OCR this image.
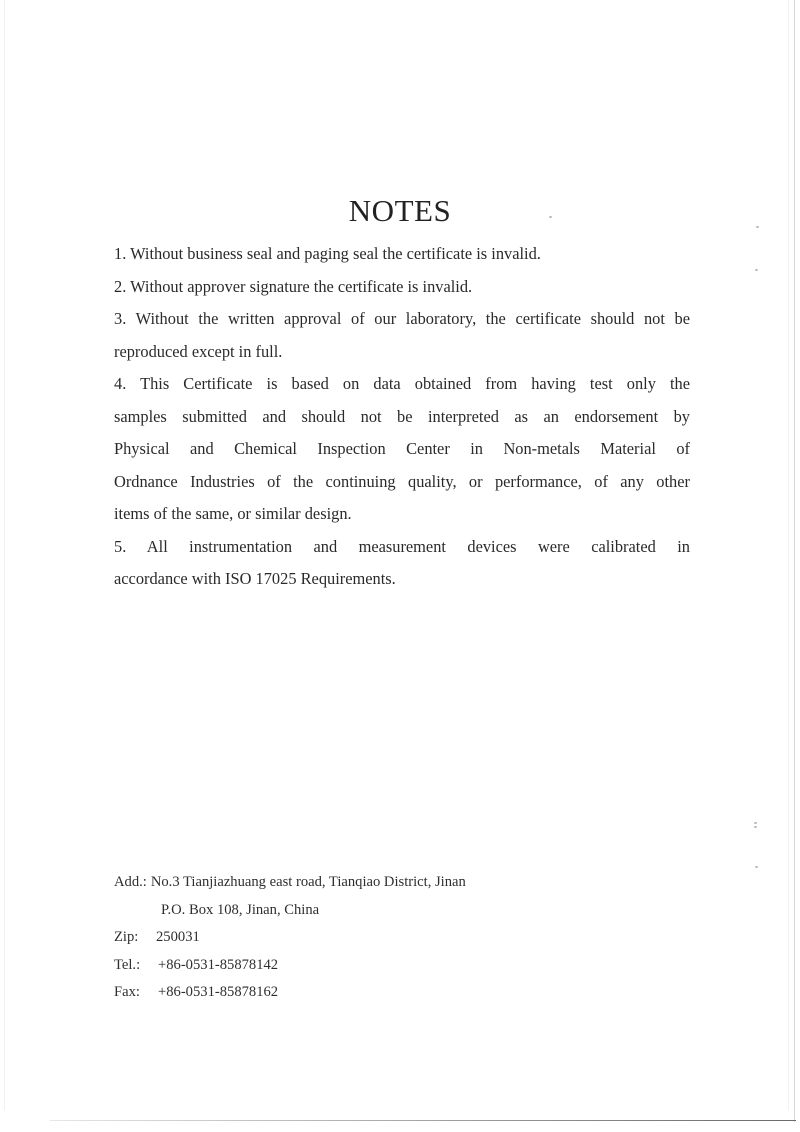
NOTES
1. Without business seal and paging seal the certificate is invalid.
2. Without approver signature the certificate is invalid.
3. Without the written approval of our laboratory, the certificate should not be
reproduced except in full.
4. This Certificate is based on data obtained from having test only the
samples submitted and should not be interpreted as an endorsement by
Physical and Chemical Inspection Center in Non-metals Material of
Ordnance Industries of the continuing quality, or performance, of any other
items of the same, or similar design.
5. All instrumentation and measurement devices were calibrated in
accordance with ISO 17025 Requirements.
Add.: No.3 Tianjiazhuang east road, Tianqiao District, Jinan
P.O. Box 108, Jinan, China
Zip:	250031
Tel.:	+86-0531-85878142
Fax:	+86-0531-85878162
